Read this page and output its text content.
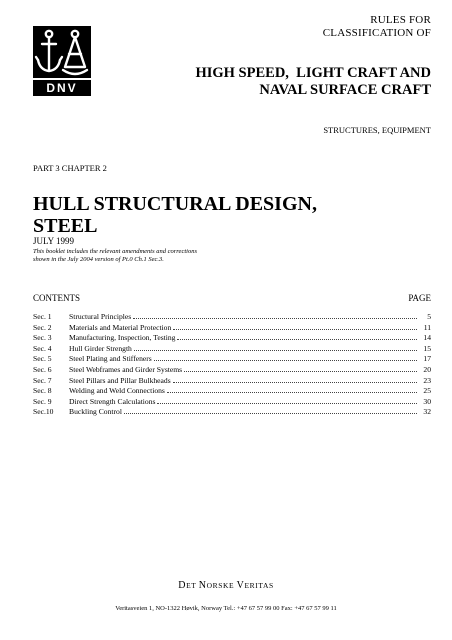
DNV
RULES FOR
CLASSIFICATION OF
HIGH SPEED,  LIGHT CRAFT AND
NAVAL SURFACE CRAFT
STRUCTURES, EQUIPMENT
PART 3 CHAPTER 2
HULL STRUCTURAL DESIGN,
STEEL
JULY 1999
This booklet includes the relevant amendments and corrections
shown in the July 2004 version of Pt.0 Ch.1 Sec.3.
CONTENTS	PAGE
Sec. 1	Structural Principles	5
Sec. 2	Materials and Material Protection	11
Sec. 3	Manufacturing, Inspection, Testing	14
Sec. 4	Hull Girder Strength	15
Sec. 5	Steel Plating and Stiffeners	17
Sec. 6	Steel Webframes and Girder Systems	20
Sec. 7	Steel Pillars and Pillar Bulkheads	23
Sec. 8	Welding and Weld Connections	25
Sec. 9	Direct Strength Calculations	30
Sec.10	Buckling Control	32
DET NORSKE VERITAS
Veritasveien 1, NO-1322 Høvik, Norway Tel.: +47 67 57 99 00 Fax: +47 67 57 99 11
